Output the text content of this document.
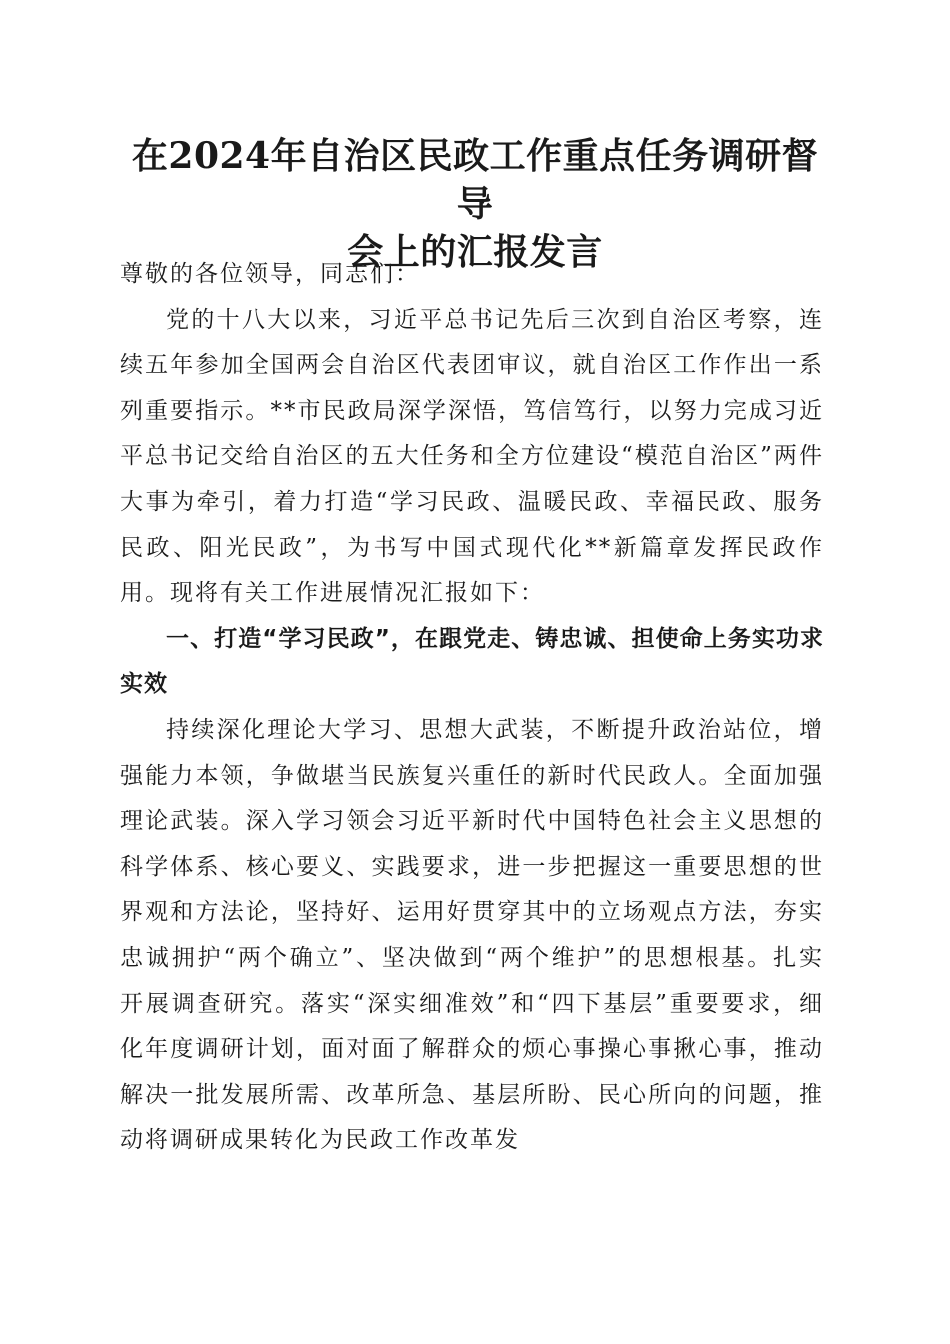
在2024年自治区民政工作重点任务调研督导
会上的汇报发言

尊敬的各位领导，同志们：

党的十八大以来，习近平总书记先后三次到自治区考察，连续五年参加全国两会自治区代表团审议，就自治区工作作出一系列重要指示。**市民政局深学深悟，笃信笃行，以努力完成习近平总书记交给自治区的五大任务和全方位建设“模范自治区”两件大事为牵引，着力打造“学习民政、温暖民政、幸福民政、服务民政、阳光民政”，为书写中国式现代化**新篇章发挥民政作用。现将有关工作进展情况汇报如下：

一、打造“学习民政”，在跟党走、铸忠诚、担使命上务实功求实效

持续深化理论大学习、思想大武装，不断提升政治站位，增强能力本领，争做堪当民族复兴重任的新时代民政人。全面加强理论武装。深入学习领会习近平新时代中国特色社会主义思想的科学体系、核心要义、实践要求，进一步把握这一重要思想的世界观和方法论，坚持好、运用好贯穿其中的立场观点方法，夯实忠诚拥护“两个确立”、坚决做到“两个维护”的思想根基。扎实开展调查研究。落实“深实细准效”和“四下基层”重要要求，细化年度调研计划，面对面了解群众的烦心事操心事揪心事，推动解决一批发展所需、改革所急、基层所盼、民心所向的问题，推动将调研成果转化为民政工作改革发
